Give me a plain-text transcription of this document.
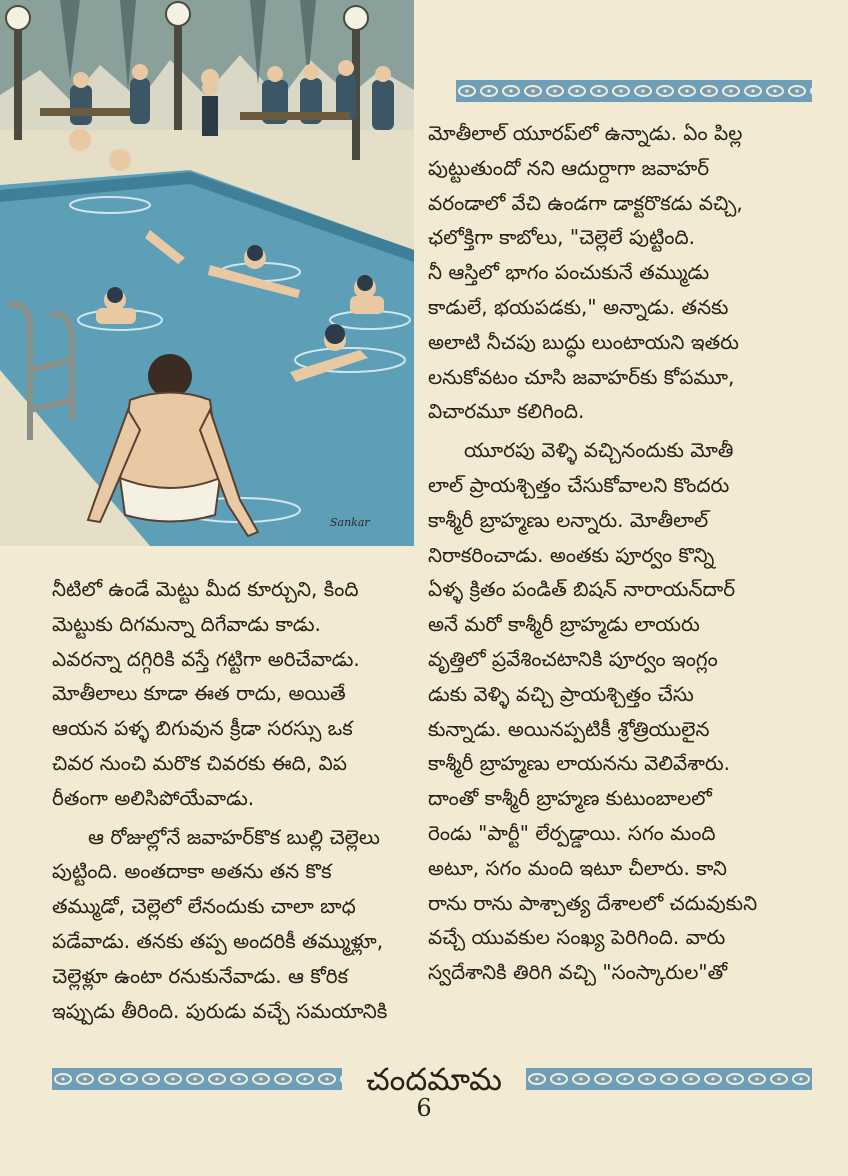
Sankar
నీటిలో ఉండే మెట్టు మీద కూర్చుని, కింది
మెట్టుకు దిగమన్నా దిగేవాడు కాడు.
ఎవరన్నా దగ్గిరికి వస్తే గట్టిగా అరిచేవాడు.
మోతీలాలు కూడా ఈత రాదు, అయితే
ఆయన పళ్ళ బిగువున క్రీడా సరస్సు ఒక
చివర నుంచి మరొక చివరకు ఈది, విప
రీతంగా అలిసిపోయేవాడు.
ఆ రోజుల్లోనే జవాహర్‌కొక బుల్లి చెల్లెలు
పుట్టింది. అంతదాకా అతను తన కొక
తమ్ముడో, చెల్లెలో లేనందుకు చాలా బాధ
పడేవాడు. తనకు తప్ప అందరికీ తమ్ముళ్లూ,
చెల్లెళ్లూ ఉంటా రనుకునేవాడు. ఆ కోరిక
ఇప్పుడు తీరింది. పురుడు వచ్చే సమయానికి
మోతీలాల్ యూరప్‌లో ఉన్నాడు. ఏం పిల్ల
పుట్టుతుందో నని ఆదుర్దాగా జవాహర్
వరండాలో వేచి ఉండగా డాక్టరొకడు వచ్చి,
ఛలోక్తిగా కాబోలు, "చెల్లెలే పుట్టింది.
నీ ఆస్తిలో భాగం పంచుకునే తమ్ముడు
కాడులే, భయపడకు," అన్నాడు. తనకు
అలాటి నీచపు బుద్ధు లుంటాయని ఇతరు
లనుకోవటం చూసి జవాహర్‌కు కోపమూ,
విచారమూ కలిగింది.
యూరపు వెళ్ళి వచ్చినందుకు మోతీ
లాల్ ప్రాయశ్చిత్తం చేసుకోవాలని కొందరు
కాశ్మీరీ బ్రాహ్మణు లన్నారు. మోతీలాల్
నిరాకరించాడు. అంతకు పూర్వం కొన్ని
ఏళ్ళ క్రితం పండిత్ బిషన్ నారాయన్‌దార్
అనే మరో కాశ్మీరీ బ్రాహ్మడు లాయరు
వృత్తిలో ప్రవేశించటానికి పూర్వం ఇంగ్లం
డుకు వెళ్ళి వచ్చి ప్రాయశ్చిత్తం చేసు
కున్నాడు. అయినప్పటికీ శ్రోత్రియులైన
కాశ్మీరీ బ్రాహ్మణు లాయనను వెలివేశారు.
దాంతో కాశ్మీరీ బ్రాహ్మణ కుటుంబాలలో
రెండు "పార్టీ" లేర్పడ్డాయి. సగం మంది
అటూ, సగం మంది ఇటూ చీలారు. కాని
రాను రాను పాశ్చాత్య దేశాలలో చదువుకుని
వచ్చే యువకుల సంఖ్య పెరిగింది. వారు
స్వదేశానికి తిరిగి వచ్చి "సంస్కారుల"తో
చందమామ
6
